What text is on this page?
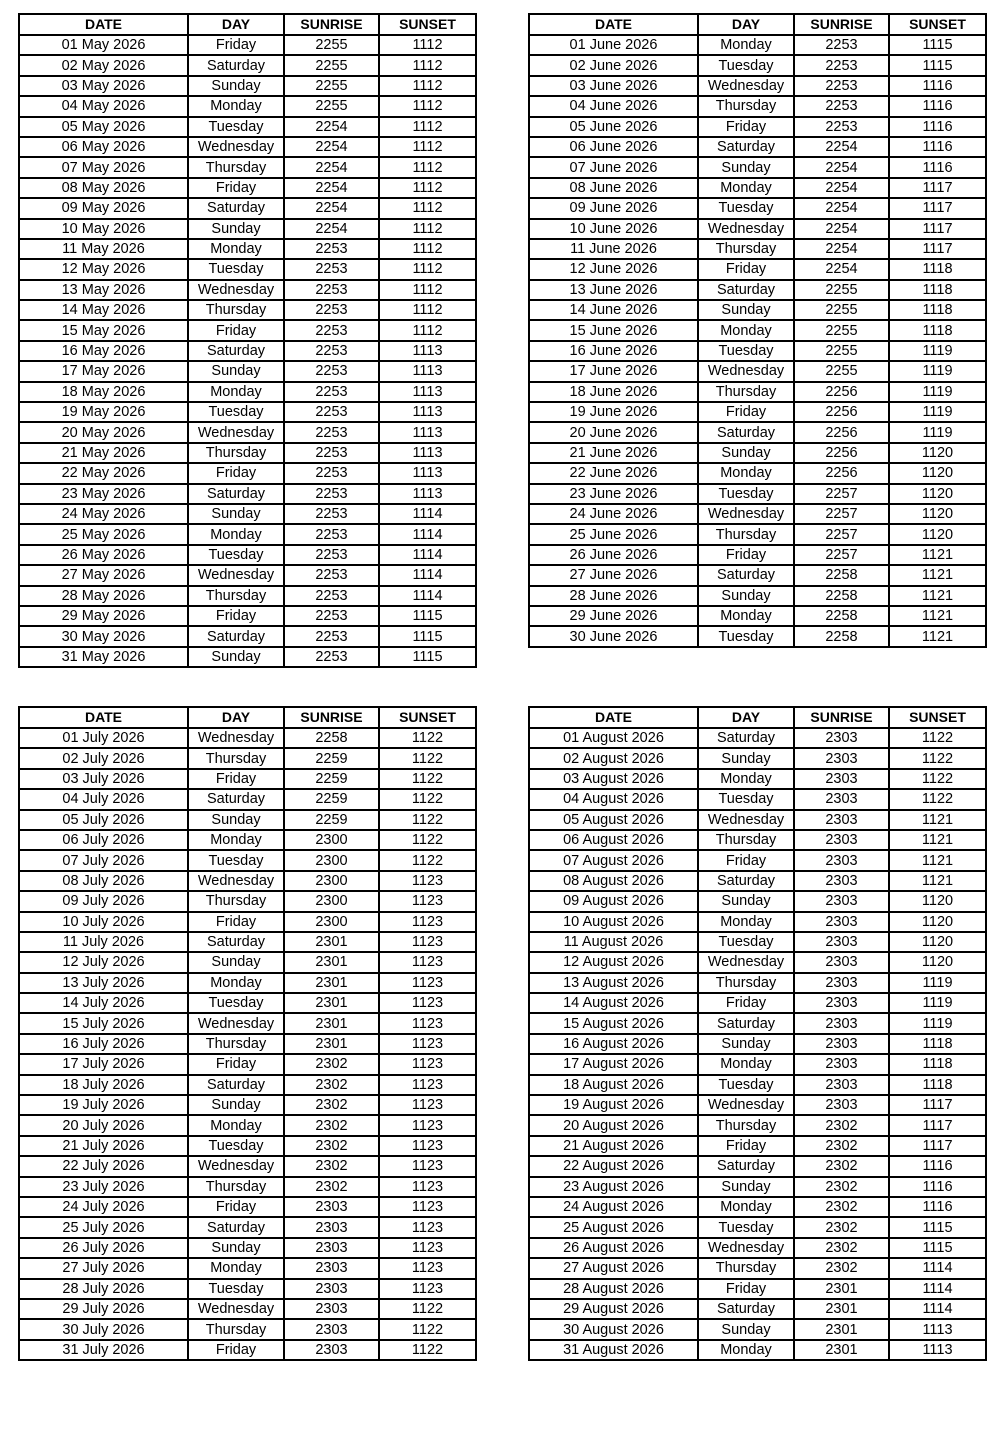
DATE	DAY	SUNRISE	SUNSET
01 May 2026	Friday	2255	1112
02 May 2026	Saturday	2255	1112
03 May 2026	Sunday	2255	1112
04 May 2026	Monday	2255	1112
05 May 2026	Tuesday	2254	1112
06 May 2026	Wednesday	2254	1112
07 May 2026	Thursday	2254	1112
08 May 2026	Friday	2254	1112
09 May 2026	Saturday	2254	1112
10 May 2026	Sunday	2254	1112
11 May 2026	Monday	2253	1112
12 May 2026	Tuesday	2253	1112
13 May 2026	Wednesday	2253	1112
14 May 2026	Thursday	2253	1112
15 May 2026	Friday	2253	1112
16 May 2026	Saturday	2253	1113
17 May 2026	Sunday	2253	1113
18 May 2026	Monday	2253	1113
19 May 2026	Tuesday	2253	1113
20 May 2026	Wednesday	2253	1113
21 May 2026	Thursday	2253	1113
22 May 2026	Friday	2253	1113
23 May 2026	Saturday	2253	1113
24 May 2026	Sunday	2253	1114
25 May 2026	Monday	2253	1114
26 May 2026	Tuesday	2253	1114
27 May 2026	Wednesday	2253	1114
28 May 2026	Thursday	2253	1114
29 May 2026	Friday	2253	1115
30 May 2026	Saturday	2253	1115
31 May 2026	Sunday	2253	1115
DATE	DAY	SUNRISE	SUNSET
01 June 2026	Monday	2253	1115
02 June 2026	Tuesday	2253	1115
03 June 2026	Wednesday	2253	1116
04 June 2026	Thursday	2253	1116
05 June 2026	Friday	2253	1116
06 June 2026	Saturday	2254	1116
07 June 2026	Sunday	2254	1116
08 June 2026	Monday	2254	1117
09 June 2026	Tuesday	2254	1117
10 June 2026	Wednesday	2254	1117
11 June 2026	Thursday	2254	1117
12 June 2026	Friday	2254	1118
13 June 2026	Saturday	2255	1118
14 June 2026	Sunday	2255	1118
15 June 2026	Monday	2255	1118
16 June 2026	Tuesday	2255	1119
17 June 2026	Wednesday	2255	1119
18 June 2026	Thursday	2256	1119
19 June 2026	Friday	2256	1119
20 June 2026	Saturday	2256	1119
21 June 2026	Sunday	2256	1120
22 June 2026	Monday	2256	1120
23 June 2026	Tuesday	2257	1120
24 June 2026	Wednesday	2257	1120
25 June 2026	Thursday	2257	1120
26 June 2026	Friday	2257	1121
27 June 2026	Saturday	2258	1121
28 June 2026	Sunday	2258	1121
29 June 2026	Monday	2258	1121
30 June 2026	Tuesday	2258	1121
DATE	DAY	SUNRISE	SUNSET
01 July 2026	Wednesday	2258	1122
02 July 2026	Thursday	2259	1122
03 July 2026	Friday	2259	1122
04 July 2026	Saturday	2259	1122
05 July 2026	Sunday	2259	1122
06 July 2026	Monday	2300	1122
07 July 2026	Tuesday	2300	1122
08 July 2026	Wednesday	2300	1123
09 July 2026	Thursday	2300	1123
10 July 2026	Friday	2300	1123
11 July 2026	Saturday	2301	1123
12 July 2026	Sunday	2301	1123
13 July 2026	Monday	2301	1123
14 July 2026	Tuesday	2301	1123
15 July 2026	Wednesday	2301	1123
16 July 2026	Thursday	2301	1123
17 July 2026	Friday	2302	1123
18 July 2026	Saturday	2302	1123
19 July 2026	Sunday	2302	1123
20 July 2026	Monday	2302	1123
21 July 2026	Tuesday	2302	1123
22 July 2026	Wednesday	2302	1123
23 July 2026	Thursday	2302	1123
24 July 2026	Friday	2303	1123
25 July 2026	Saturday	2303	1123
26 July 2026	Sunday	2303	1123
27 July 2026	Monday	2303	1123
28 July 2026	Tuesday	2303	1123
29 July 2026	Wednesday	2303	1122
30 July 2026	Thursday	2303	1122
31 July 2026	Friday	2303	1122
DATE	DAY	SUNRISE	SUNSET
01 August 2026	Saturday	2303	1122
02 August 2026	Sunday	2303	1122
03 August 2026	Monday	2303	1122
04 August 2026	Tuesday	2303	1122
05 August 2026	Wednesday	2303	1121
06 August 2026	Thursday	2303	1121
07 August 2026	Friday	2303	1121
08 August 2026	Saturday	2303	1121
09 August 2026	Sunday	2303	1120
10 August 2026	Monday	2303	1120
11 August 2026	Tuesday	2303	1120
12 August 2026	Wednesday	2303	1120
13 August 2026	Thursday	2303	1119
14 August 2026	Friday	2303	1119
15 August 2026	Saturday	2303	1119
16 August 2026	Sunday	2303	1118
17 August 2026	Monday	2303	1118
18 August 2026	Tuesday	2303	1118
19 August 2026	Wednesday	2303	1117
20 August 2026	Thursday	2302	1117
21 August 2026	Friday	2302	1117
22 August 2026	Saturday	2302	1116
23 August 2026	Sunday	2302	1116
24 August 2026	Monday	2302	1116
25 August 2026	Tuesday	2302	1115
26 August 2026	Wednesday	2302	1115
27 August 2026	Thursday	2302	1114
28 August 2026	Friday	2301	1114
29 August 2026	Saturday	2301	1114
30 August 2026	Sunday	2301	1113
31 August 2026	Monday	2301	1113
